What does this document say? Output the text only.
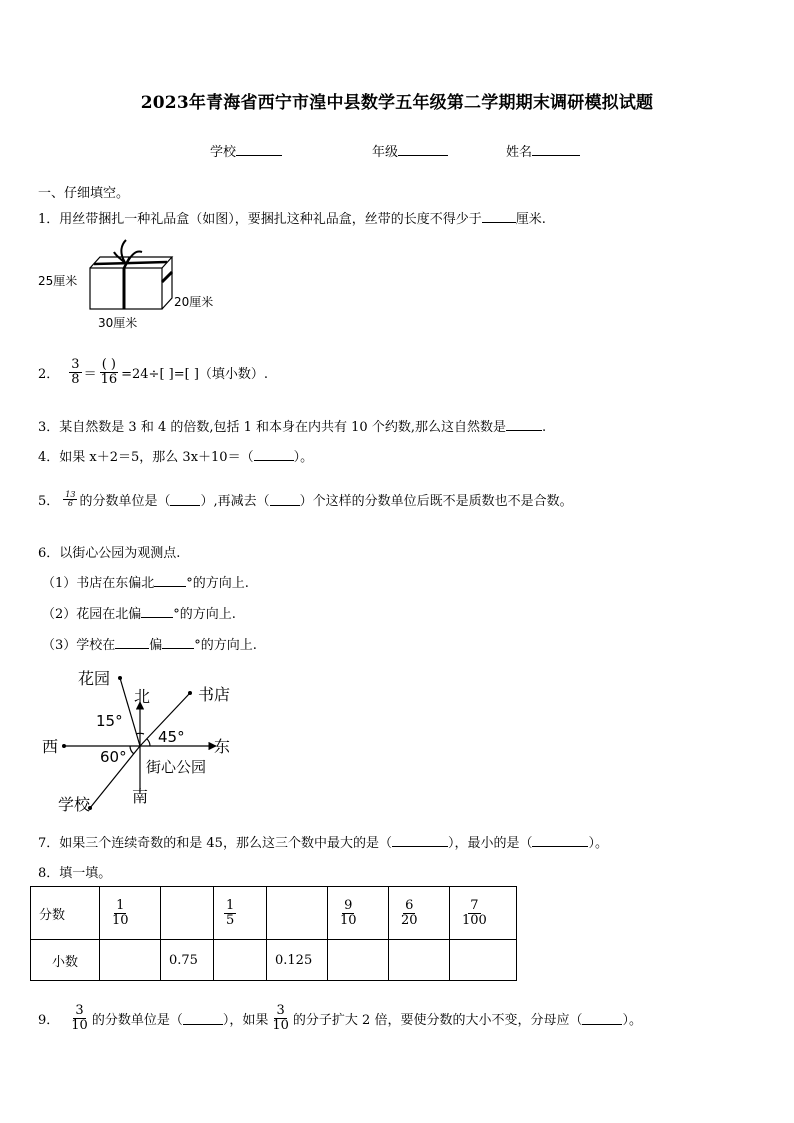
2023年青海省西宁市湟中县数学五年级第二学期期末调研模拟试题
学校	年级	姓名
一、仔细填空。
1．用丝带捆扎一种礼品盒（如图），要捆扎这种礼品盒，丝带的长度不得少于	厘米.
25厘米
20厘米
30厘米
2． $\frac{3}{8} = \frac{( )}{16} =24\div$[ ]=[ ]（填小数）.
3．某自然数是 3 和 4 的倍数,包括 1 和本身在内共有 10 个约数,那么这自然数是	.
4．如果 x＋2＝5，那么 3x＋10＝（	）。
5． $\frac{13}{6}$ 的分数单位是（ ）,再减去（ ）个这样的分数单位后既不是质数也不是合数。
6．以街心公园为观测点.
（1）书店在东偏北 °的方向上.
（2）花园在北偏 °的方向上.
（3）学校在	偏 °的方向上.
花园
北	书店
15°
45°
西	东
60°
街心公园
南
学校
7．如果三个连续奇数的和是 45，那么这三个数中最大的是（	），最小的是（	）。
8．填一填。
分数	$\frac{1}{10}$		$\frac{1}{5}$		$\frac{9}{10}$	$\frac{6}{20}$	$\frac{7}{100}$

小数		0.75		0.125			
9． $\frac{3}{10}$ 的分数单位是（	），如果 $\frac{3}{10}$ 的分子扩大 2 倍，要使分数的大小不变，分母应（	）。
